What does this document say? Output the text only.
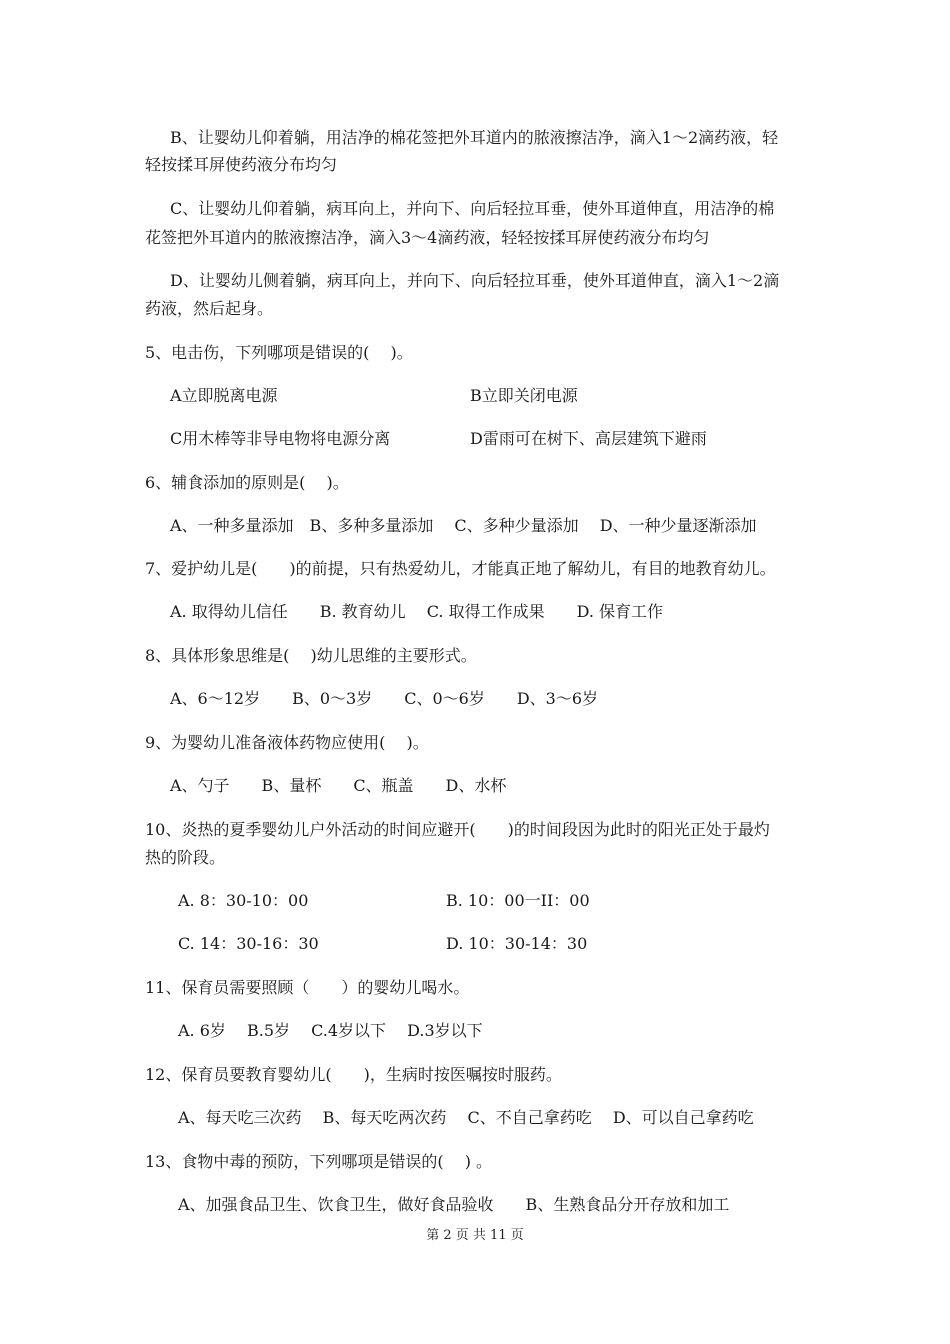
B、让婴幼儿仰着躺，用洁净的棉花签把外耳道内的脓液擦洁净，滴入1～2滴药液，轻
轻按揉耳屏使药液分布均匀
C、让婴幼儿仰着躺，病耳向上，并向下、向后轻拉耳垂，使外耳道伸直，用洁净的棉
花签把外耳道内的脓液擦洁净，滴入3～4滴药液，轻轻按揉耳屏使药液分布均匀
D、让婴幼儿侧着躺，病耳向上，并向下、向后轻拉耳垂，使外耳道伸直，滴入1～2滴
药液，然后起身。
5、电击伤，下列哪项是错误的(　 )。
A立即脱离电源	B立即关闭电源
C用木棒等非导电物将电源分离	D雷雨可在树下、高层建筑下避雨
6、辅食添加的原则是(　 )。
A、一种多量添加　B、多种多量添加　 C、多种少量添加　 D、一种少量逐渐添加
7、爱护幼儿是(　　)的前提，只有热爱幼儿，才能真正地了解幼儿，有目的地教育幼儿。
A. 取得幼儿信任　　B. 教育幼儿　 C. 取得工作成果　　D. 保育工作
8、具体形象思维是(　 )幼儿思维的主要形式。
A、6～12岁　　B、0～3岁　　C、0～6岁　　D、3～6岁
9、为婴幼儿准备液体药物应使用(　 )。
A、勺子　　B、量杯　　C、瓶盖　　D、水杯
10、炎热的夏季婴幼儿户外活动的时间应避开(　　)的时间段因为此时的阳光正处于最灼
热的阶段。
A. 8：30-10：00	B. 10：00一II：00
C. 14：30-16：30	D. 10：30-14：30
11、保育员需要照顾（　　）的婴幼儿喝水。
A. 6岁　 B.5岁　 C.4岁以下　 D.3岁以下
12、保育员要教育婴幼儿(　　)，生病时按医嘱按时服药。
A、每天吃三次药　 B、每天吃两次药　 C、不自己拿药吃　 D、可以自己拿药吃
13、食物中毒的预防，下列哪项是错误的(　 ) 。
A、加强食品卫生、饮食卫生，做好食品验收　　B、生熟食品分开存放和加工
第 2 页 共 11 页
